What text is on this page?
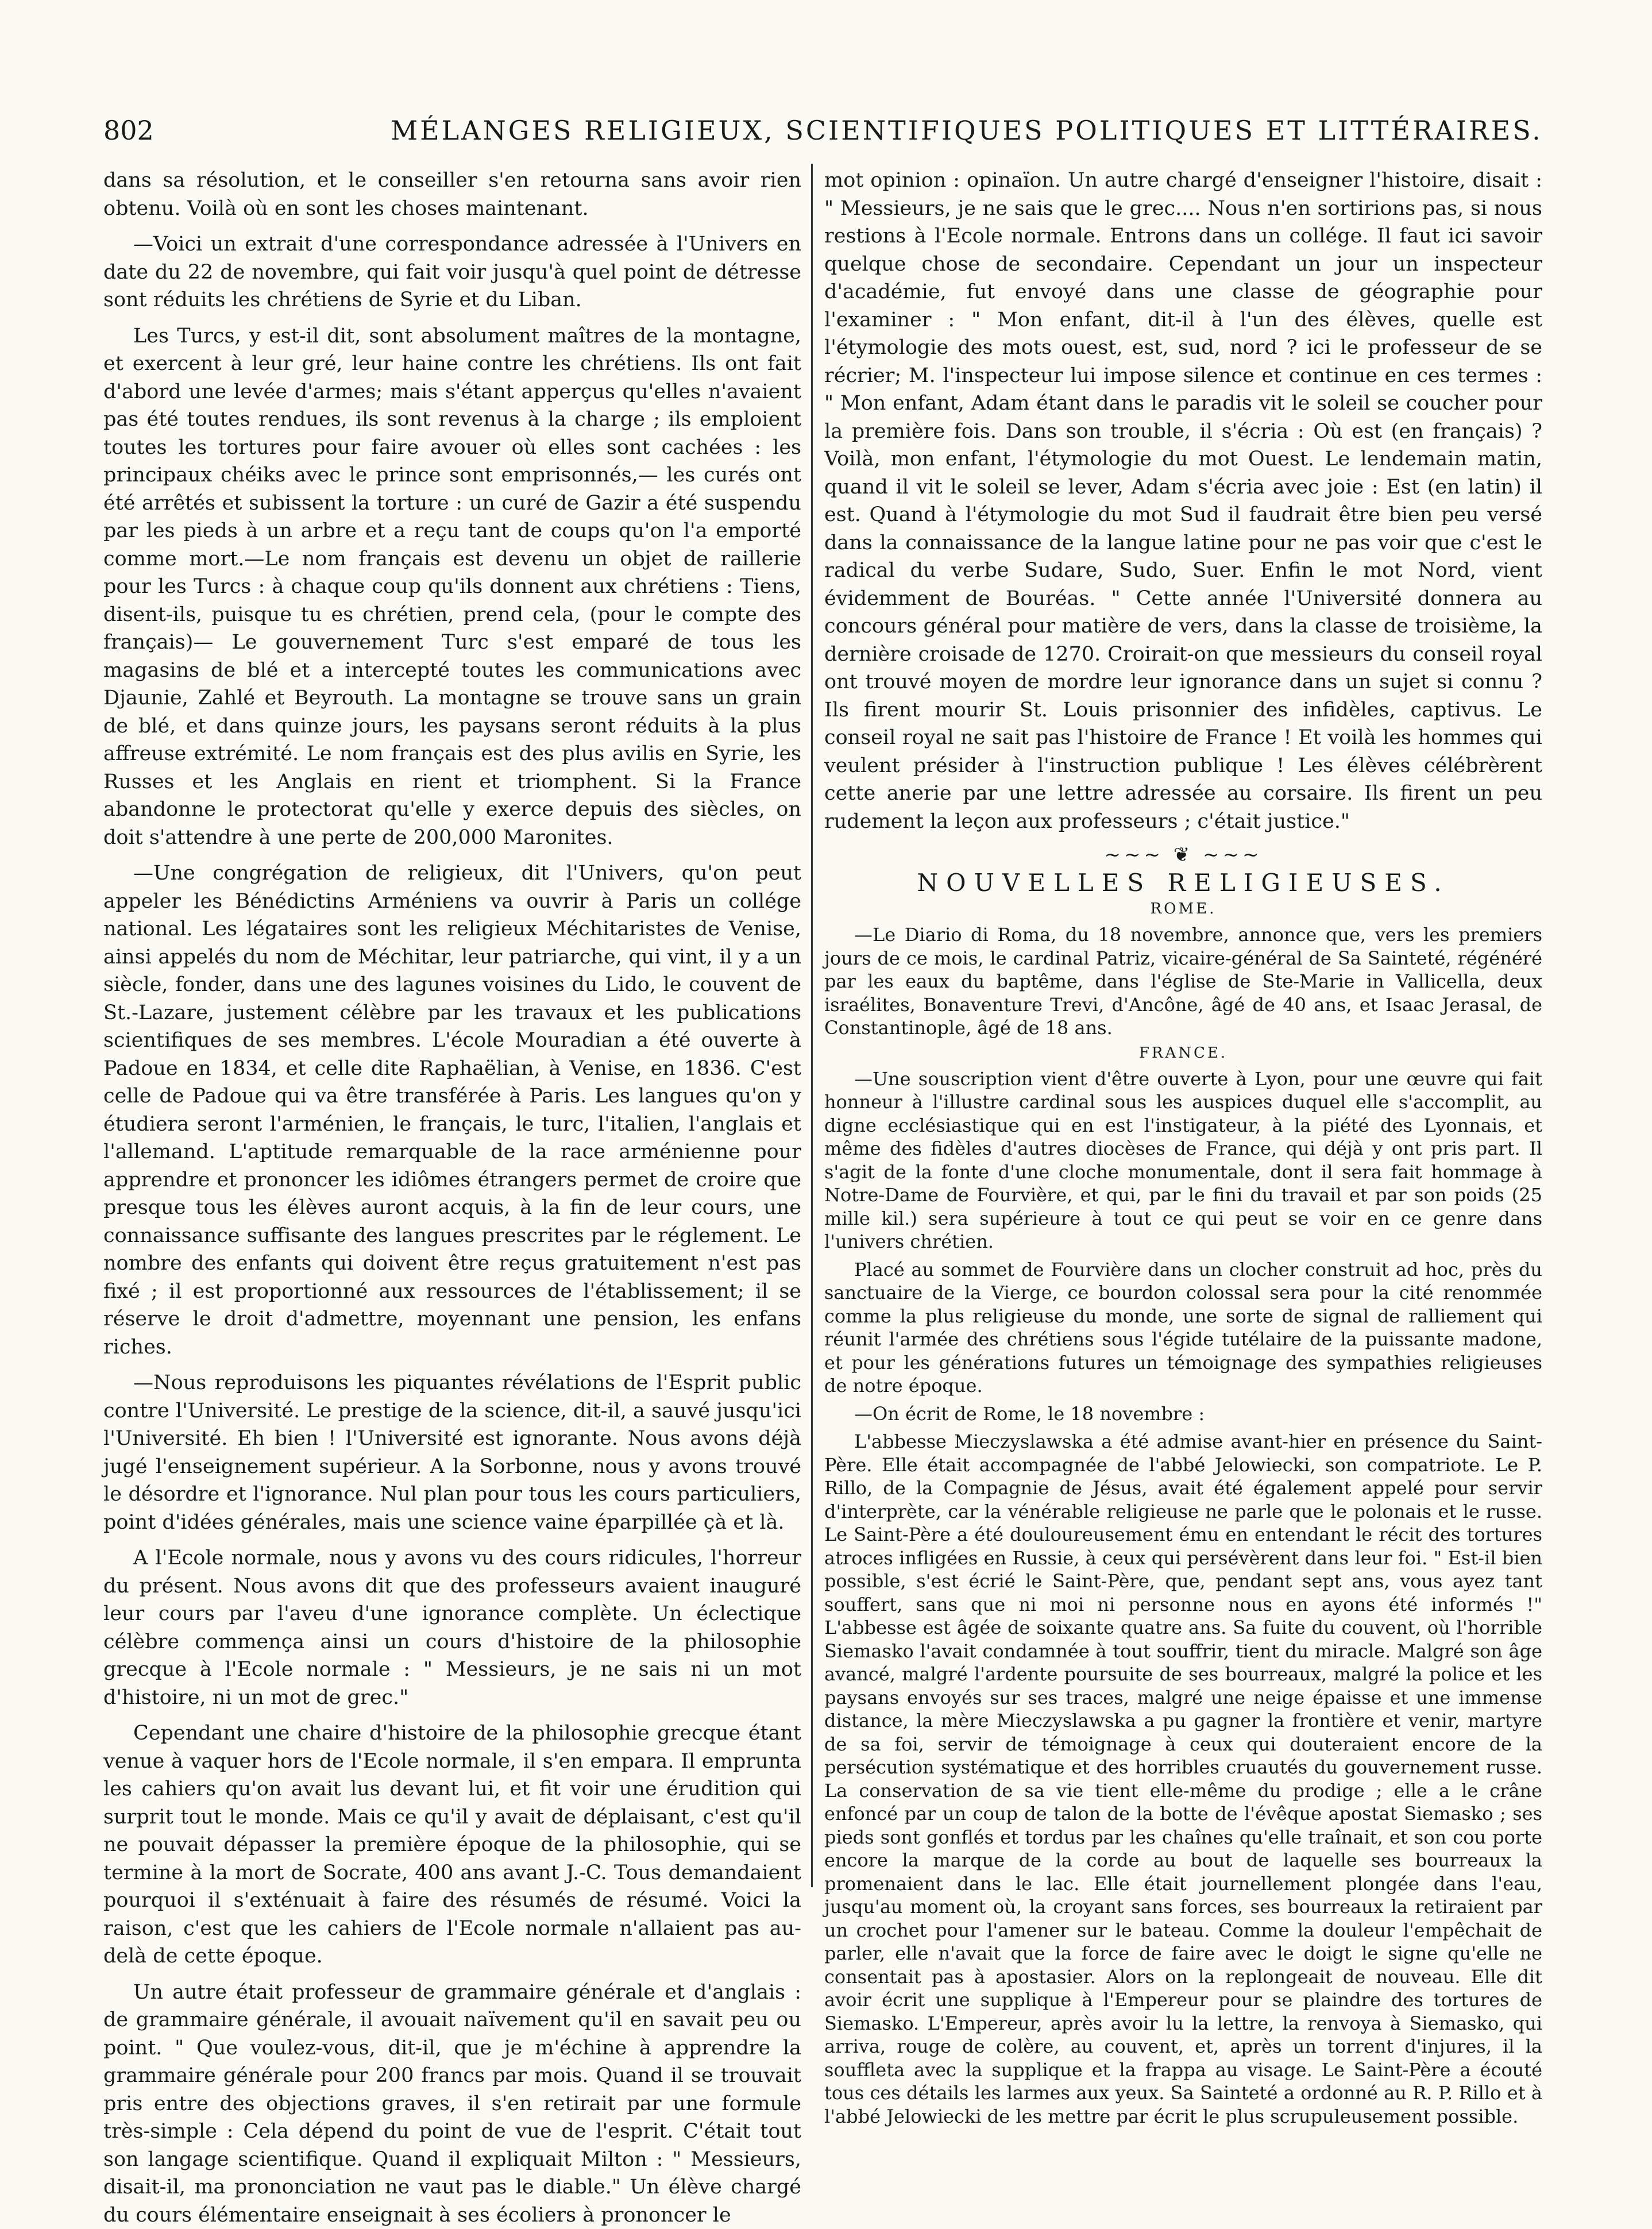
802	MÉLANGES RELIGIEUX, SCIENTIFIQUES POLITIQUES ET LITTÉRAIRES.

dans sa résolution, et le conseiller s'en retourna sans avoir rien obtenu. Voilà où en sont les choses maintenant.

—Voici un extrait d'une correspondance adressée à l'Univers en date du 22 de novembre, qui fait voir jusqu'à quel point de détresse sont réduits les chrétiens de Syrie et du Liban.

Les Turcs, y est-il dit, sont absolument maîtres de la montagne, et exercent à leur gré, leur haine contre les chrétiens. Ils ont fait d'abord une levée d'armes; mais s'étant apperçus qu'elles n'avaient pas été toutes rendues, ils sont revenus à la charge ; ils emploient toutes les tortures pour faire avouer où elles sont cachées : les principaux chéiks avec le prince sont emprisonnés,— les curés ont été arrêtés et subissent la torture : un curé de Gazir a été suspendu par les pieds à un arbre et a reçu tant de coups qu'on l'a emporté comme mort.—Le nom français est devenu un objet de raillerie pour les Turcs : à chaque coup qu'ils donnent aux chrétiens : Tiens, disent-ils, puisque tu es chrétien, prend cela, (pour le compte des français)— Le gouvernement Turc s'est emparé de tous les magasins de blé et a intercepté toutes les communications avec Djaunie, Zahlé et Beyrouth. La montagne se trouve sans un grain de blé, et dans quinze jours, les paysans seront réduits à la plus affreuse extrémité. Le nom français est des plus avilis en Syrie, les Russes et les Anglais en rient et triomphent. Si la France abandonne le protectorat qu'elle y exerce depuis des siècles, on doit s'attendre à une perte de 200,000 Maronites.

—Une congrégation de religieux, dit l'Univers, qu'on peut appeler les Bénédictins Arméniens va ouvrir à Paris un collége national. Les légataires sont les religieux Méchitaristes de Venise, ainsi appelés du nom de Méchitar, leur patriarche, qui vint, il y a un siècle, fonder, dans une des lagunes voisines du Lido, le couvent de St.-Lazare, justement célèbre par les travaux et les publications scientifiques de ses membres. L'école Mouradian a été ouverte à Padoue en 1834, et celle dite Raphaëlian, à Venise, en 1836. C'est celle de Padoue qui va être transférée à Paris. Les langues qu'on y étudiera seront l'arménien, le français, le turc, l'italien, l'anglais et l'allemand. L'aptitude remarquable de la race arménienne pour apprendre et prononcer les idiômes étrangers permet de croire que presque tous les élèves auront acquis, à la fin de leur cours, une connaissance suffisante des langues prescrites par le réglement. Le nombre des enfants qui doivent être reçus gratuitement n'est pas fixé ; il est proportionné aux ressources de l'établissement; il se réserve le droit d'admettre, moyennant une pension, les enfans riches.

—Nous reproduisons les piquantes révélations de l'Esprit public contre l'Université. Le prestige de la science, dit-il, a sauvé jusqu'ici l'Université. Eh bien ! l'Université est ignorante. Nous avons déjà jugé l'enseignement supérieur. A la Sorbonne, nous y avons trouvé le désordre et l'ignorance. Nul plan pour tous les cours particuliers, point d'idées générales, mais une science vaine éparpillée çà et là.

A l'Ecole normale, nous y avons vu des cours ridicules, l'horreur du présent. Nous avons dit que des professeurs avaient inauguré leur cours par l'aveu d'une ignorance complète. Un éclectique célèbre commença ainsi un cours d'histoire de la philosophie grecque à l'Ecole normale : " Messieurs, je ne sais ni un mot d'histoire, ni un mot de grec."

Cependant une chaire d'histoire de la philosophie grecque étant venue à vaquer hors de l'Ecole normale, il s'en empara. Il emprunta les cahiers qu'on avait lus devant lui, et fit voir une érudition qui surprit tout le monde. Mais ce qu'il y avait de déplaisant, c'est qu'il ne pouvait dépasser la première époque de la philosophie, qui se termine à la mort de Socrate, 400 ans avant J.-C. Tous demandaient pourquoi il s'exténuait à faire des résumés de résumé. Voici la raison, c'est que les cahiers de l'Ecole normale n'allaient pas au-delà de cette époque.

Un autre était professeur de grammaire générale et d'anglais : de grammaire générale, il avouait naïvement qu'il en savait peu ou point. " Que voulez-vous, dit-il, que je m'échine à apprendre la grammaire générale pour 200 francs par mois. Quand il se trouvait pris entre des objections graves, il s'en retirait par une formule très-simple : Cela dépend du point de vue de l'esprit. C'était tout son langage scientifique. Quand il expliquait Milton : " Messieurs, disait-il, ma prononciation ne vaut pas le diable." Un élève chargé du cours élémentaire enseignait à ses écoliers à prononcer le

mot opinion : opinaïon. Un autre chargé d'enseigner l'histoire, disait : " Messieurs, je ne sais que le grec.... Nous n'en sortirions pas, si nous restions à l'Ecole normale. Entrons dans un collége. Il faut ici savoir quelque chose de secondaire. Cependant un jour un inspecteur d'académie, fut envoyé dans une classe de géographie pour l'examiner : " Mon enfant, dit-il à l'un des élèves, quelle est l'étymologie des mots ouest, est, sud, nord ? ici le professeur de se récrier; M. l'inspecteur lui impose silence et continue en ces termes : " Mon enfant, Adam étant dans le paradis vit le soleil se coucher pour la première fois. Dans son trouble, il s'écria : Où est (en français) ? Voilà, mon enfant, l'étymologie du mot Ouest. Le lendemain matin, quand il vit le soleil se lever, Adam s'écria avec joie : Est (en latin) il est. Quand à l'étymologie du mot Sud il faudrait être bien peu versé dans la connaissance de la langue latine pour ne pas voir que c'est le radical du verbe Sudare, Sudo, Suer. Enfin le mot Nord, vient évidemment de Bouréas. " Cette année l'Université donnera au concours général pour matière de vers, dans la classe de troisième, la dernière croisade de 1270. Croirait-on que messieurs du conseil royal ont trouvé moyen de mordre leur ignorance dans un sujet si connu ? Ils firent mourir St. Louis prisonnier des infidèles, captivus. Le conseil royal ne sait pas l'histoire de France ! Et voilà les hommes qui veulent présider à l'instruction publique ! Les élèves célébrèrent cette anerie par une lettre adressée au corsaire. Ils firent un peu rudement la leçon aux professeurs ; c'était justice."

~~~ ❦ ~~~
NOUVELLES RELIGIEUSES.
ROME.

—Le Diario di Roma, du 18 novembre, annonce que, vers les premiers jours de ce mois, le cardinal Patriz, vicaire-général de Sa Sainteté, régénéré par les eaux du baptême, dans l'église de Ste-Marie in Vallicella, deux israélites, Bonaventure Trevi, d'Ancône, âgé de 40 ans, et Isaac Jerasal, de Constantinople, âgé de 18 ans.

FRANCE.

—Une souscription vient d'être ouverte à Lyon, pour une œuvre qui fait honneur à l'illustre cardinal sous les auspices duquel elle s'accomplit, au digne ecclésiastique qui en est l'instigateur, à la piété des Lyonnais, et même des fidèles d'autres diocèses de France, qui déjà y ont pris part. Il s'agit de la fonte d'une cloche monumentale, dont il sera fait hommage à Notre-Dame de Fourvière, et qui, par le fini du travail et par son poids (25 mille kil.) sera supérieure à tout ce qui peut se voir en ce genre dans l'univers chrétien.

Placé au sommet de Fourvière dans un clocher construit ad hoc, près du sanctuaire de la Vierge, ce bourdon colossal sera pour la cité renommée comme la plus religieuse du monde, une sorte de signal de ralliement qui réunit l'armée des chrétiens sous l'égide tutélaire de la puissante madone, et pour les générations futures un témoignage des sympathies religieuses de notre époque.

—On écrit de Rome, le 18 novembre :

L'abbesse Mieczyslawska a été admise avant-hier en présence du Saint-Père. Elle était accompagnée de l'abbé Jelowiecki, son compatriote. Le P. Rillo, de la Compagnie de Jésus, avait été également appelé pour servir d'interprète, car la vénérable religieuse ne parle que le polonais et le russe. Le Saint-Père a été douloureusement ému en entendant le récit des tortures atroces infligées en Russie, à ceux qui persévèrent dans leur foi. " Est-il bien possible, s'est écrié le Saint-Père, que, pendant sept ans, vous ayez tant souffert, sans que ni moi ni personne nous en ayons été informés !" L'abbesse est âgée de soixante quatre ans. Sa fuite du couvent, où l'horrible Siemasko l'avait condamnée à tout souffrir, tient du miracle. Malgré son âge avancé, malgré l'ardente poursuite de ses bourreaux, malgré la police et les paysans envoyés sur ses traces, malgré une neige épaisse et une immense distance, la mère Mieczyslawska a pu gagner la frontière et venir, martyre de sa foi, servir de témoignage à ceux qui douteraient encore de la persécution systématique et des horribles cruautés du gouvernement russe. La conservation de sa vie tient elle-même du prodige ; elle a le crâne enfoncé par un coup de talon de la botte de l'évêque apostat Siemasko ; ses pieds sont gonflés et tordus par les chaînes qu'elle traînait, et son cou porte encore la marque de la corde au bout de laquelle ses bourreaux la promenaient dans le lac. Elle était journellement plongée dans l'eau, jusqu'au moment où, la croyant sans forces, ses bourreaux la retiraient par un crochet pour l'amener sur le bateau. Comme la douleur l'empêchait de parler, elle n'avait que la force de faire avec le doigt le signe qu'elle ne consentait pas à apostasier. Alors on la replongeait de nouveau. Elle dit avoir écrit une supplique à l'Empereur pour se plaindre des tortures de Siemasko. L'Empereur, après avoir lu la lettre, la renvoya à Siemasko, qui arriva, rouge de colère, au couvent, et, après un torrent d'injures, il la souffleta avec la supplique et la frappa au visage. Le Saint-Père a écouté tous ces détails les larmes aux yeux. Sa Sainteté a ordonné au R. P. Rillo et à l'abbé Jelowiecki de les mettre par écrit le plus scrupuleusement possible.
